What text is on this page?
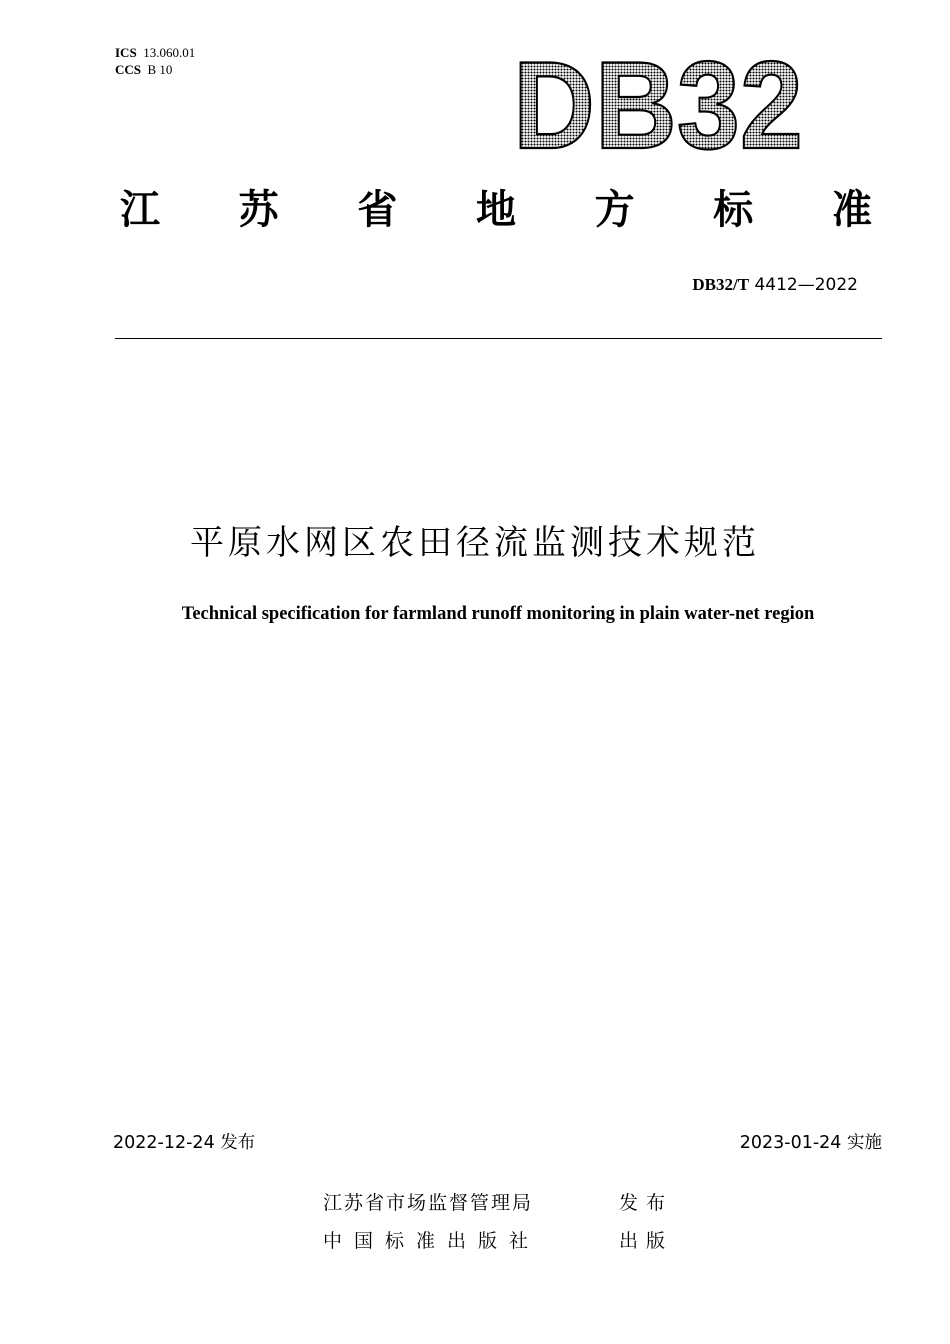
ICS 13.060.01
CCS B 10	DB32
江 苏 省 地 方 标 准
DB32/T 4412—2022
平原水网区农田径流监测技术规范
Technical specification for farmland runoff monitoring in plain water-net region
2022-12-24 发布	2023-01-24 实施
江苏省市场监督管理局	发布
中国标准出版社	出版
